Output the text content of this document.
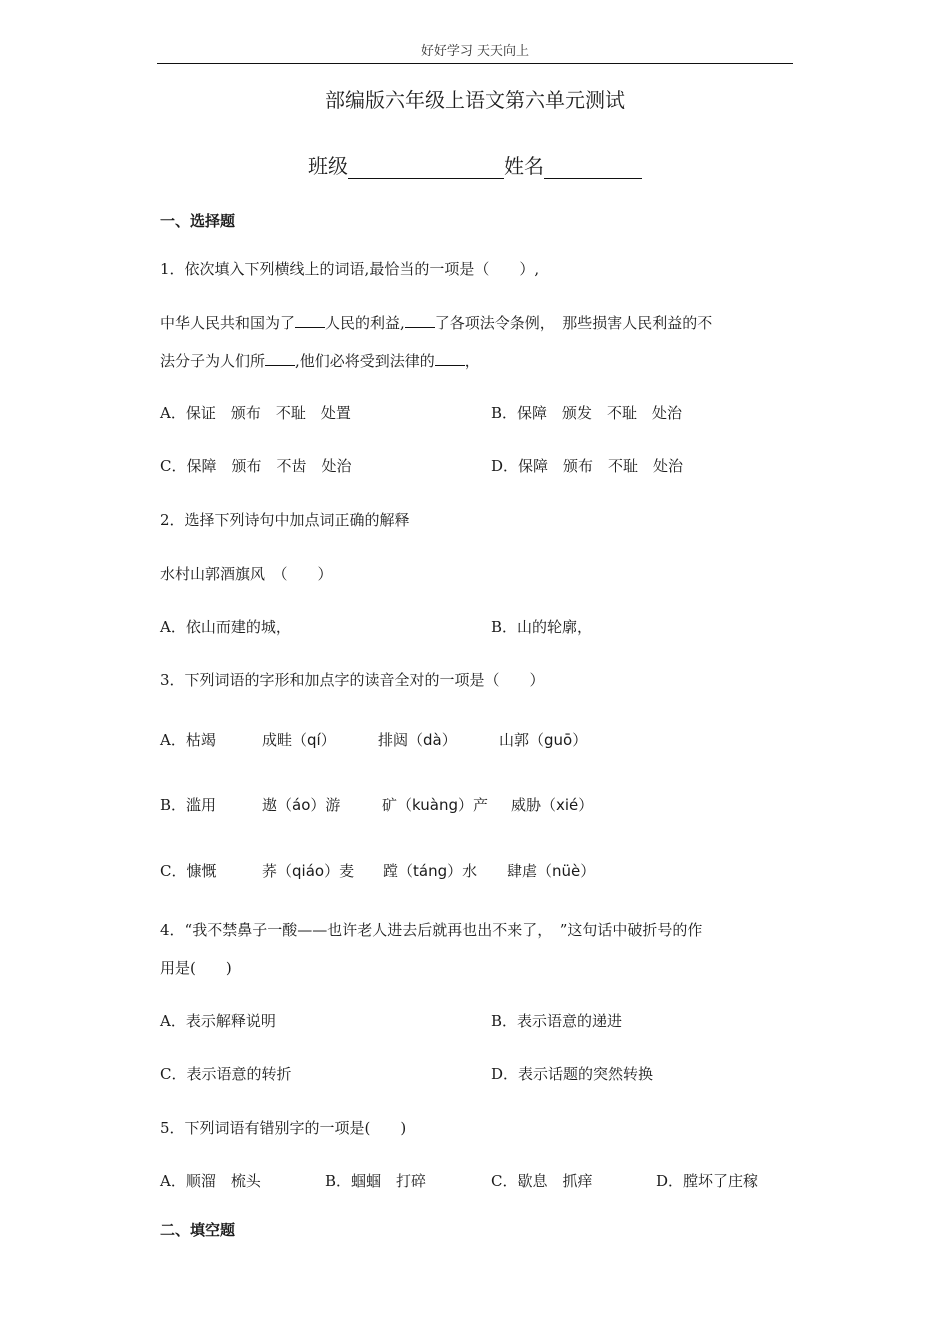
好好学习 天天向上
部编版六年级上语文第六单元测试
班级	姓名
一、选择题
1．依次填入下列横线上的词语,最恰当的一项是（　　）,
中华人民共和国为了 人民的利益, 了各项法令条例，　那些损害人民利益的不
法分子为人们所 ,他们必将受到法律的 ，
A．保证　颁布　不耻　处置	B．保障　颁发　不耻　处治
C．保障　颁布　不齿　处治	D．保障　颁布　不耻　处治
2．选择下列诗句中加点词正确的解释
水村山郭酒旗风　（　　）
A．依山而建的城，	B．山的轮廓，
3．下列词语的字形和加点字的读音全对的一项是（　　）
A．枯竭	成畦（qí）	排闼（dà）	山郭（guō）
B．滥用	遨（áo）游	矿（kuàng）产 威胁（xié）
C．慷慨	荞（qiáo）麦 蹚（táng）水 肆虐（nüè）
4．“我不禁鼻子一酸——也许老人进去后就再也出不来了，　”这句话中破折号的作
用是(　　)
A．表示解释说明	B．表示语意的递进
C．表示语意的转折	D．表示话题的突然转换
5．下列词语有错别字的一项是(　　)
A．顺溜　梳头	B．蝈蝈　打碎	C．歇息　抓痒	D．膛坏了庄稼
二、填空题
